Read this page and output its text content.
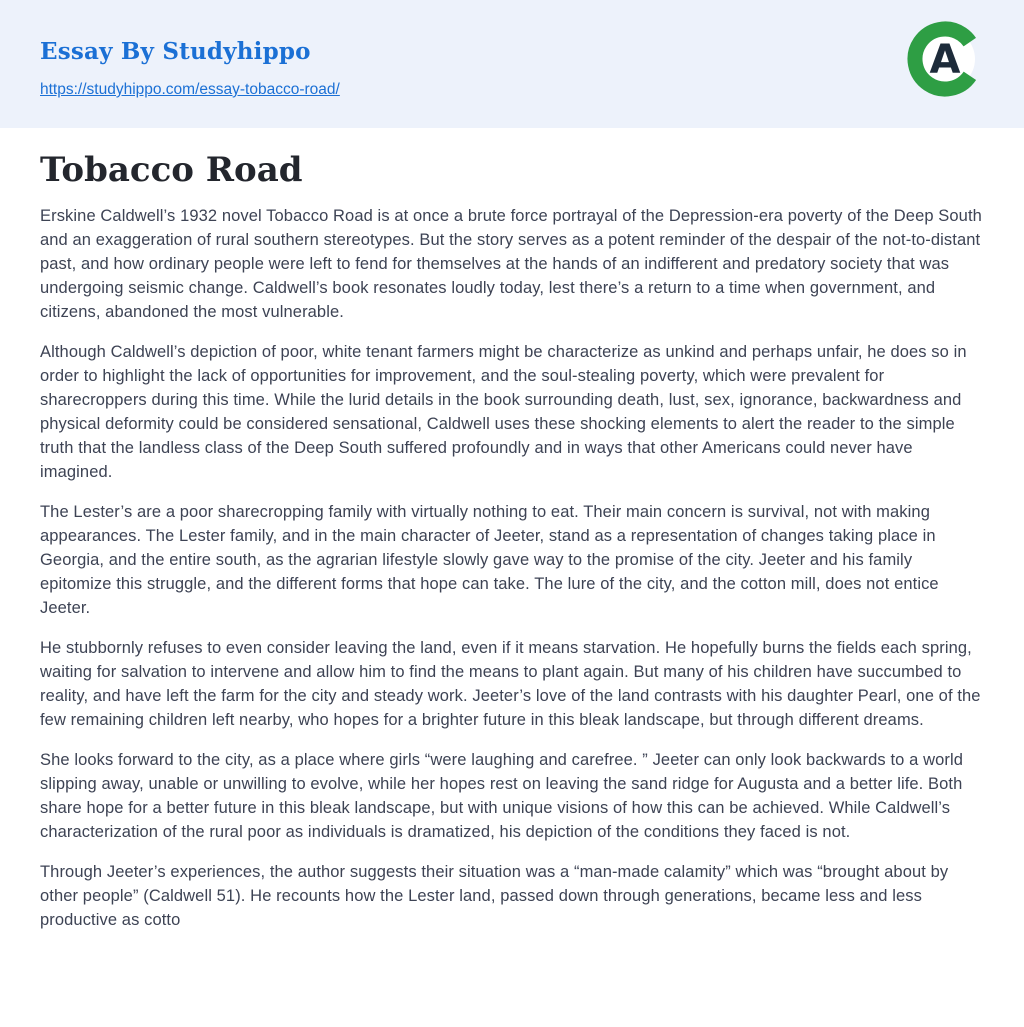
Essay By Studyhippo
https://studyhippo.com/essay-tobacco-road/
A
Tobacco Road

Erskine Caldwell’s 1932 novel Tobacco Road is at once a brute force portrayal of the Depression-era poverty of the Deep South and an exaggeration of rural southern stereotypes. But the story serves as a potent reminder of the despair of the not-to-distant past, and how ordinary people were left to fend for themselves at the hands of an indifferent and predatory society that was undergoing seismic change. Caldwell’s book resonates loudly today, lest there’s a return to a time when government, and citizens, abandoned the most vulnerable.

Although Caldwell’s depiction of poor, white tenant farmers might be characterize as unkind and perhaps unfair, he does so in order to highlight the lack of opportunities for improvement, and the soul-stealing poverty, which were prevalent for sharecroppers during this time. While the lurid details in the book surrounding death, lust, sex, ignorance, backwardness and physical deformity could be considered sensational, Caldwell uses these shocking elements to alert the reader to the simple truth that the landless class of the Deep South suffered profoundly and in ways that other Americans could never have imagined.

The Lester’s are a poor sharecropping family with virtually nothing to eat. Their main concern is survival, not with making appearances. The Lester family, and in the main character of Jeeter, stand as a representation of changes taking place in Georgia, and the entire south, as the agrarian lifestyle slowly gave way to the promise of the city. Jeeter and his family epitomize this struggle, and the different forms that hope can take. The lure of the city, and the cotton mill, does not entice Jeeter.

He stubbornly refuses to even consider leaving the land, even if it means starvation. He hopefully burns the fields each spring, waiting for salvation to intervene and allow him to find the means to plant again. But many of his children have succumbed to reality, and have left the farm for the city and steady work. Jeeter’s love of the land contrasts with his daughter Pearl, one of the few remaining children left nearby, who hopes for a brighter future in this bleak landscape, but through different dreams.

She looks forward to the city, as a place where girls “were laughing and carefree. ” Jeeter can only look backwards to a world slipping away, unable or unwilling to evolve, while her hopes rest on leaving the sand ridge for Augusta and a better life. Both share hope for a better future in this bleak landscape, but with unique visions of how this can be achieved. While Caldwell’s characterization of the rural poor as individuals is dramatized, his depiction of the conditions they faced is not.

Through Jeeter’s experiences, the author suggests their situation was a “man-made calamity” which was “brought about by other people” (Caldwell 51). He recounts how the Lester land, passed down through generations, became less and less productive as cotto
